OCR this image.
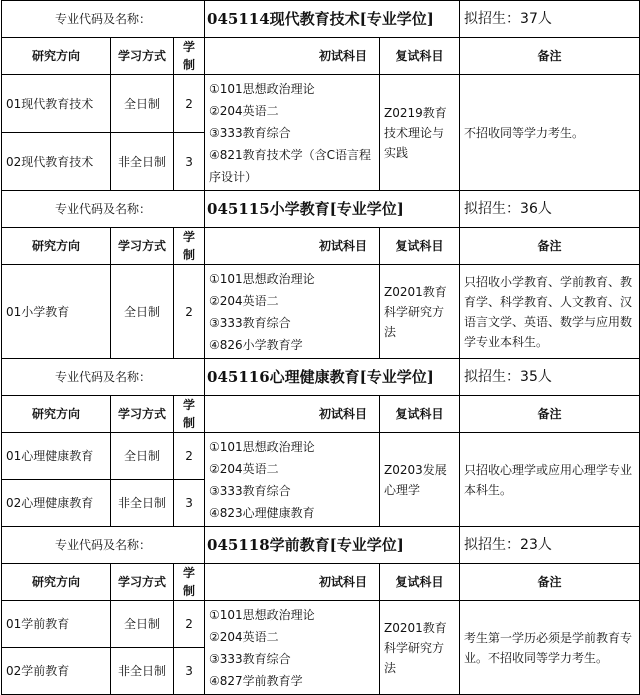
专业代码及名称：			045114现代教育技术[专业学位]		拟招生：37人
研究方向	学习方式	学制	初试科目	复试科目	备注
01现代教育技术	全日制	2	①101思想政治理论
②204英语二
③333教育综合
④821教育技术学（含C语言程序设计）	Z0219教育技术理论与实践	不招收同等学力考生。
02现代教育技术	非全日制	3			
专业代码及名称：			045115小学教育[专业学位]		拟招生：36人
研究方向	学习方式	学制	初试科目	复试科目	备注
01小学教育	全日制	2	①101思想政治理论
②204英语二
③333教育综合
④826小学教育学	Z0201教育科学研究方法	只招收小学教育、学前教育、教育学、科学教育、人文教育、汉语言文学、英语、数学与应用数学专业本科生。
专业代码及名称：			045116心理健康教育[专业学位]		拟招生：35人
研究方向	学习方式	学制	初试科目	复试科目	备注
01心理健康教育	全日制	2	①101思想政治理论
②204英语二
③333教育综合
④823心理健康教育	Z0203发展心理学	只招收心理学或应用心理学专业本科生。
02心理健康教育	非全日制	3			
专业代码及名称：			045118学前教育[专业学位]		拟招生：23人
研究方向	学习方式	学制	初试科目	复试科目	备注
01学前教育	全日制	2	①101思想政治理论
②204英语二
③333教育综合
④827学前教育学	Z0201教育科学研究方法	考生第一学历必须是学前教育专业。不招收同等学力考生。
02学前教育	非全日制	3			
